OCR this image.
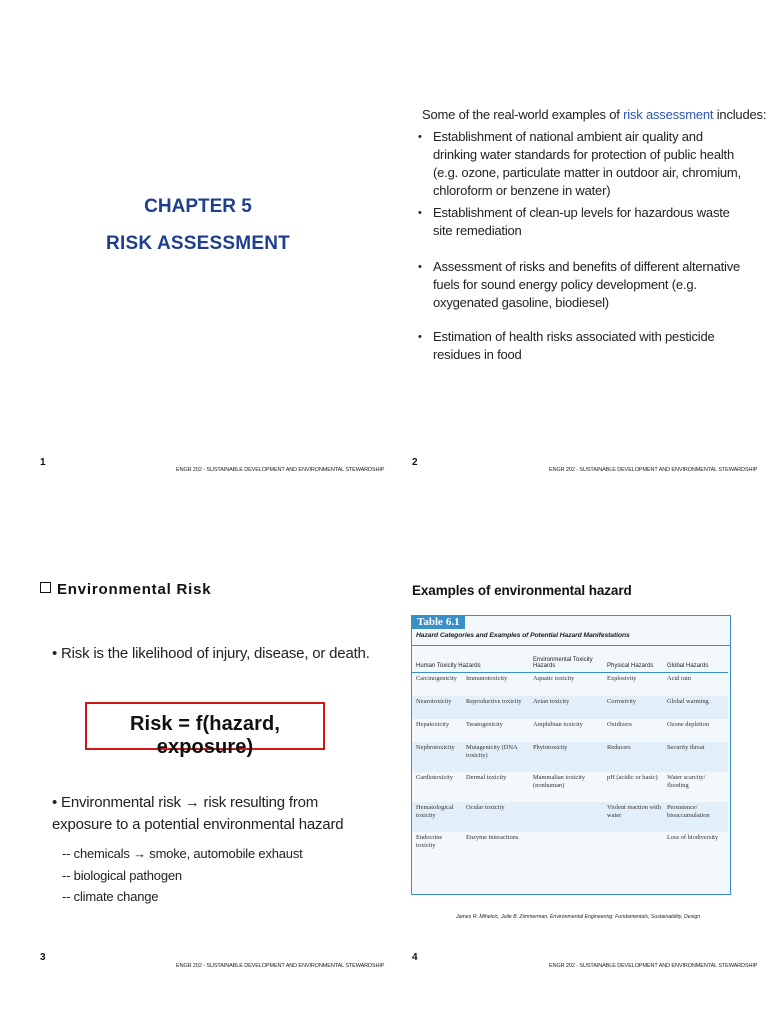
CHAPTER 5
RISK ASSESSMENT
1
ENGR 202 - SUSTAINABLE DEVELOPMENT AND ENVIRONMENTAL STEWARDSHIP
Some of the real-world examples of risk assessment includes:
• Establishment of national ambient air quality and drinking water standards for protection of public health (e.g. ozone, particulate matter in outdoor air, chromium, chloroform or benzene in water)
• Establishment of clean-up levels for hazardous waste site remediation
• Assessment of risks and benefits of different alternative fuels for sound energy policy development (e.g. oxygenated gasoline, biodiesel)
• Estimation of health risks associated with pesticide residues in food
2
ENGR 202 - SUSTAINABLE DEVELOPMENT AND ENVIRONMENTAL STEWARDSHIP
Environmental Risk
• Risk is the likelihood of injury, disease, or death.
Risk = f(hazard, exposure)
• Environmental risk → risk resulting from exposure to a potential environmental hazard
-- chemicals → smoke, automobile exhaust
-- biological pathogen
-- climate change
3
ENGR 202 - SUSTAINABLE DEVELOPMENT AND ENVIRONMENTAL STEWARDSHIP
Examples of environmental hazard
Table 6.1
Hazard Categories and Examples of Potential Hazard Manifestations
Human Toxicity Hazards		Environmental Toxicity Hazards	Physical Hazards	Global Hazards
Carcinogenicity	Immunotoxicity	Aquatic toxicity	Explosivity	Acid rain
Neurotoxicity	Reproductive toxicity	Avian toxicity	Corrosivity	Global warming
Hepatoxicity	Teratogenicity	Amphibian toxicity	Oxidizers	Ozone depletion
Nephrotoxicity	Mutagenicity (DNA toxicity)	Phytotoxicity	Reducers	Security threat
Cardiotoxicity	Dermal toxicity	Mammalian toxicity (nonhuman)	pH (acidic or basic)	Water scarcity/ flooding
Hematological toxicity	Ocular toxicity		Violent reaction with water	Persistence/ bioaccumulation
Endocrine toxicity	Enzyme interactions			Loss of biodiversity
James R. Mihelcic, Julie B. Zimmerman, Environmental Engineering: Fundamentals, Sustainability, Design
4
ENGR 202 - SUSTAINABLE DEVELOPMENT AND ENVIRONMENTAL STEWARDSHIP
